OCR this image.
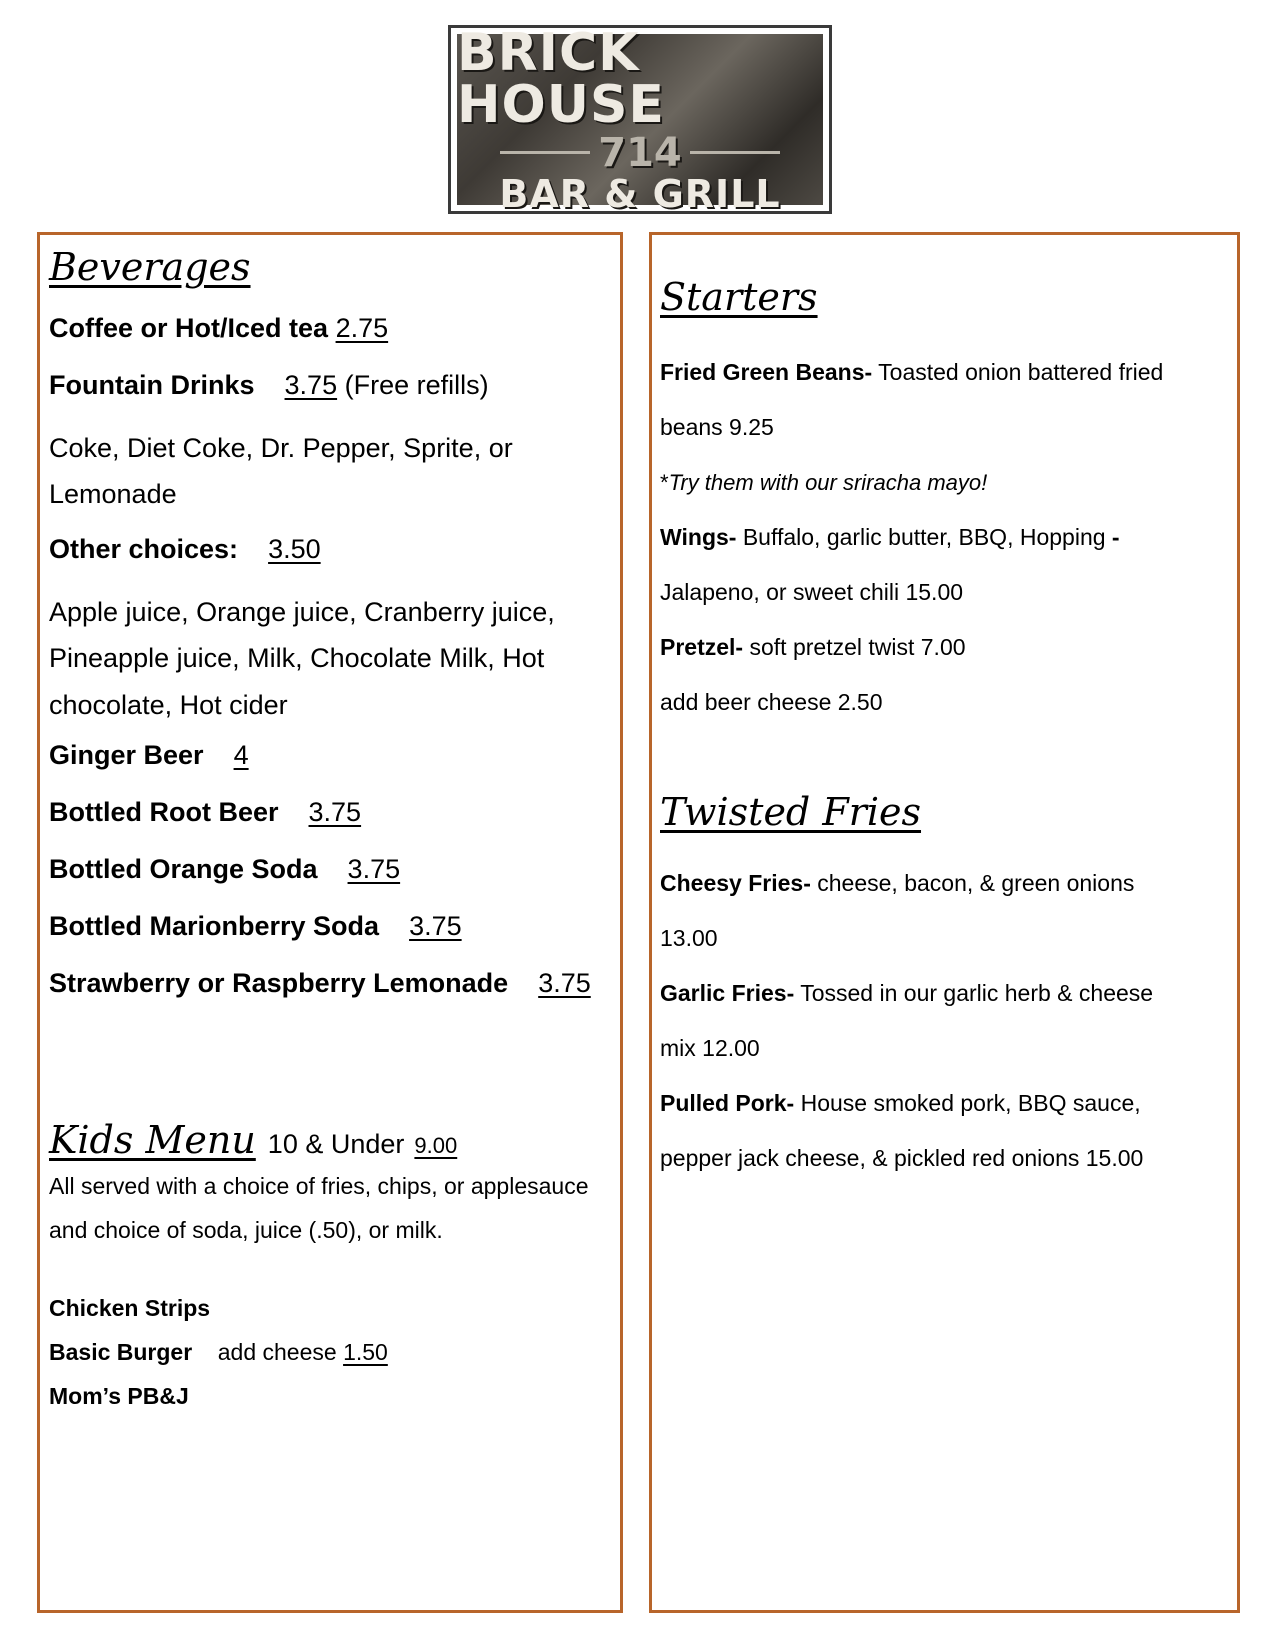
BRICK HOUSE
714
BAR & GRILL
Beverages

Coffee or Hot/Iced tea 2.75

Fountain Drinks 3.75 (Free refills)

Coke, Diet Coke, Dr. Pepper, Sprite, or Lemonade

Other choices: 3.50

Apple juice, Orange juice, Cranberry juice, Pineapple juice, Milk, Chocolate Milk, Hot chocolate, Hot cider

Ginger Beer 4

Bottled Root Beer 3.75

Bottled Orange Soda 3.75

Bottled Marionberry Soda 3.75

Strawberry or Raspberry Lemonade 3.75

Kids Menu 10 & Under 9.00

All served with a choice of fries, chips, or applesauce and choice of soda, juice (.50), or milk.

Chicken Strips

Basic Burger add cheese 1.50

Mom’s PB&J

Starters

Fried Green Beans- Toasted onion battered fried

beans 9.25

*Try them with our sriracha mayo!

Wings- Buffalo, garlic butter, BBQ, Hopping -

Jalapeno, or sweet chili 15.00

Pretzel- soft pretzel twist 7.00

add beer cheese 2.50

Twisted Fries

Cheesy Fries- cheese, bacon, & green onions

13.00

Garlic Fries- Tossed in our garlic herb & cheese

mix 12.00

Pulled Pork- House smoked pork, BBQ sauce,

pepper jack cheese, & pickled red onions 15.00
